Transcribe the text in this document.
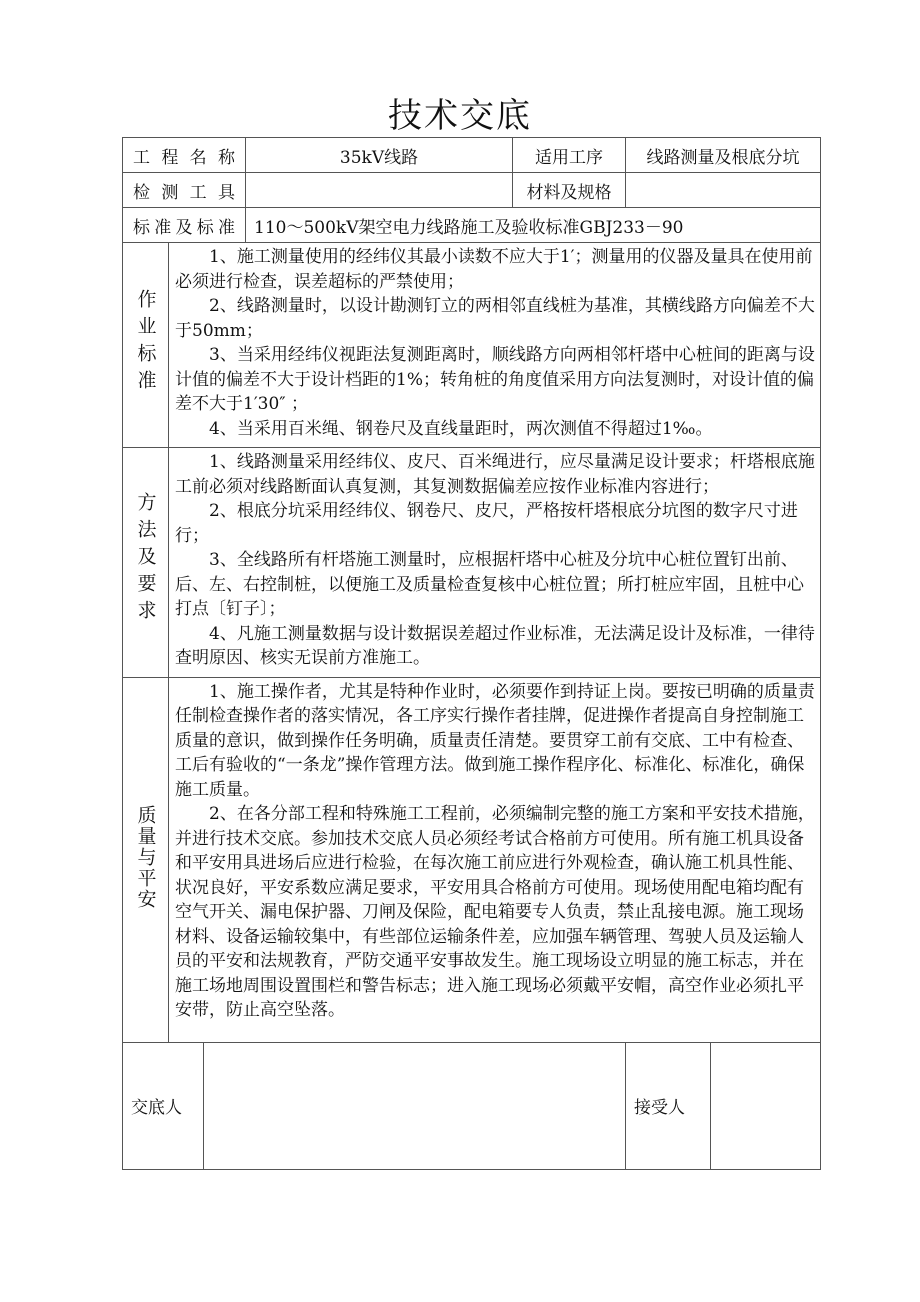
技术交底
工 程 名 称			35kV线路	适用工序	线路测量及根底分坑	
检 测 工 具				材料及规格		
标准及标准			110～500kV架空电力线路施工及验收标准GBJ233－90			
作业标准	1、施工测量使用的经纬仪其最小读数不应大于1′；测量用的仪器及量具在使用前必须进行检查，误差超标的严禁使用；

2、线路测量时，以设计勘测钉立的两相邻直线桩为基准，其横线路方向偏差不大于50mm；

3、当采用经纬仪视距法复测距离时，顺线路方向两相邻杆塔中心桩间的距离与设计值的偏差不大于设计档距的1%；转角桩的角度值采用方向法复测时，对设计值的偏差不大于1′30″ ；

4、当采用百米绳、钢卷尺及直线量距时，两次测值不得超过1‰。					

方法及要求	1、线路测量采用经纬仪、皮尺、百米绳进行，应尽量满足设计要求；杆塔根底施工前必须对线路断面认真复测，其复测数据偏差应按作业标准内容进行；

2、根底分坑采用经纬仪、钢卷尺、皮尺，严格按杆塔根底分坑图的数字尺寸进行；

3、全线路所有杆塔施工测量时，应根据杆塔中心桩及分坑中心桩位置钉出前、后、左、右控制桩，以便施工及质量检查复核中心桩位置；所打桩应牢固，且桩中心打点〔钉子〕；

4、凡施工测量数据与设计数据误差超过作业标准，无法满足设计及标准，一律待查明原因、核实无误前方准施工。					

质量与平安	1、施工操作者，尤其是特种作业时，必须要作到持证上岗。要按已明确的质量责任制检查操作者的落实情况，各工序实行操作者挂牌，促进操作者提高自身控制施工质量的意识，做到操作任务明确，质量责任清楚。要贯穿工前有交底、工中有检查、工后有验收的“一条龙”操作管理方法。做到施工操作程序化、标准化、标准化，确保施工质量。

2、在各分部工程和特殊施工工程前，必须编制完整的施工方案和平安技术措施，并进行技术交底。参加技术交底人员必须经考试合格前方可使用。所有施工机具设备和平安用具进场后应进行检验，在每次施工前应进行外观检查，确认施工机具性能、状况良好，平安系数应满足要求，平安用具合格前方可使用。现场使用配电箱均配有空气开关、漏电保护器、刀闸及保险，配电箱要专人负责，禁止乱接电源。施工现场材料、设备运输较集中，有些部位运输条件差，应加强车辆管理、驾驶人员及运输人员的平安和法规教育，严防交通平安事故发生。施工现场设立明显的施工标志，并在施工场地周围设置围栏和警告标志；进入施工现场必须戴平安帽，高空作业必须扎平安带，防止高空坠落。					

交底人					接受人	
